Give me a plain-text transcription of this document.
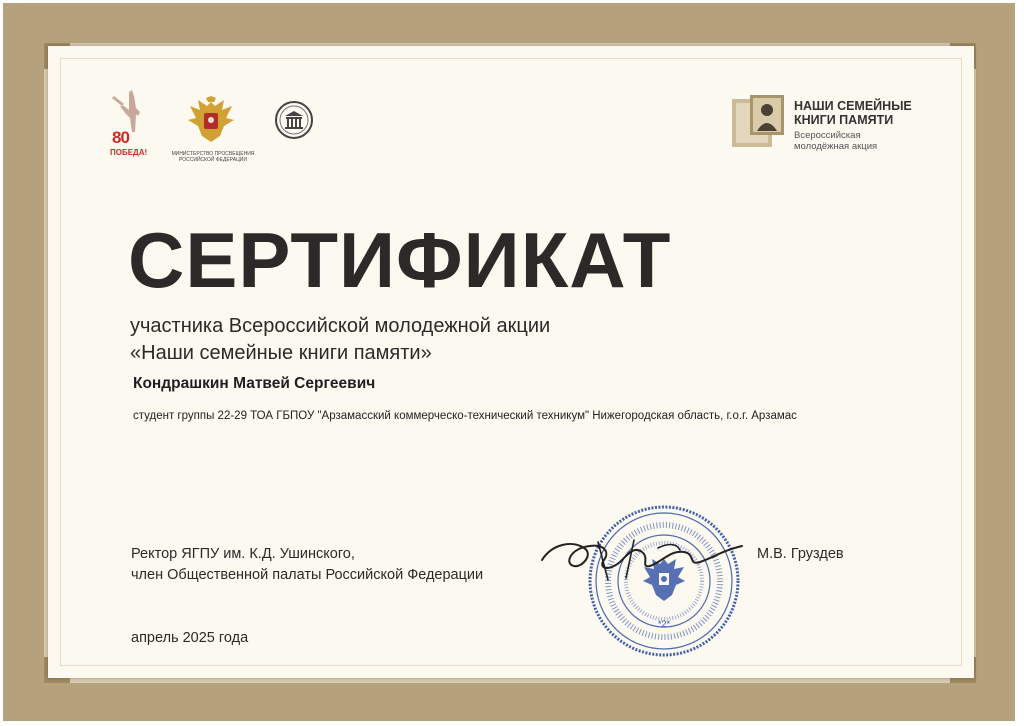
80
ПОБЕДА!	МИНИСТЕРСТВО ПРОСВЕЩЕНИЯ
РОССИЙСКОЙ ФЕДЕРАЦИИ
НАШИ СЕМЕЙНЫЕ
КНИГИ ПАМЯТИ
Всероссийская
молодёжная акция
СЕРТИФИКАТ
участника Всероссийской молодежной акции
«Наши семейные книги памяти»
Кондрашкин Матвей Сергеевич
студент группы 22-29 ТОА ГБПОУ "Арзамасский коммерческо-технический техникум" Нижегородская область, г.о.г. Арзамас
Ректор ЯГПУ им. К.Д. Ушинского,
член Общественной палаты Российской Федерации
М.В. Груздев
апрель 2025 года
*2*
